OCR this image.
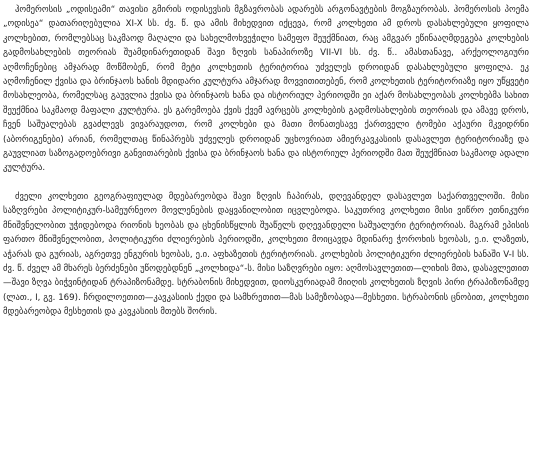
ჰომეროსის „ოდისეამი“ თავისი გმირის ოდისევსის მგზავრობას ადარებს არგონავტების მოგზაურობას. ჰომეროსის პოემა „ოდისეა“ დათარიღებულია XI-X სს. ძვ. წ. და ამის მიხედვით იქცევა, რომ კოლხეთი ამ დროს დასახლებული ყოფილა კოლხებით, რომლებსაც საკმაოდ მაღალი და სახელმოხვეჭილი სამეფო შეუქმნიათ, რაც ამგვარ ეწინააღმდეგება კოლხების გადმოსახლების თეორიას შუამდინარეთიდან შავი ზღვის სანაპიროზე VII-VI სს. ძვ. წ.. ამასთანავე, არქეოლოგიური აღმოჩენებიც ამჯარად მოწმობენ, რომ მეტი კოლხეთის ტერიტორია უძველეს დროიდან დასახლებული ყოფილა. ეკ აღმოჩენილ ქვისა და ბრინჯაოს ხანის მდიდარი კულტურა ამჯარად მოვვითითებენ, რომ კოლხეთის ტერიტორიაზე იყო უწყვეტი მოსახლეობა, რომელსაც გაუვლია ქვისა და ბრინჯაოს ხანა და ისტორიულ პერიოდში ეი აქარ მოსახლეობას კოლხებმა სახით შეუქმნია საკმაოდ მაფალი კულტურა. ეს გარემოება ქვის ქვემ ავრცებს კოლხების გადმოსახლების თეორიას და ამავე დროს, ჩვენ საშუალებას გვაძლევს ვივარაუდოთ, რომ კოლხები და მათი მონათესავე ქართველი ტომები აქაური მკვიდრნი (აბორიგენები) არიან, რომელთაც წინაპრებს უძველეს დროიდან უცხოვრიათ ამიერკავკასიის დასავლეთ ტერიტორიაზე და გაუვლიათ საზოგადოებრივი განვითარების ქვისა და ბრინჯაოს ხანა და ისტორიულ პერიოდში მათ შეუქმნიათ საკმაოდ ადალი კულტურა.

ძველი კოლხეთი გეოგრაფიულად მდებარეობდა შავი ზღვის ჩაპირას, დღევანდელ დასავლეთ საქართველოში. მისი საზღვრები პოლიტიკურ-სამეურნეოო მოვლენების დაყვანილობით იცვლებოდა. საკუთრივ კოლხეთი მისი ვიწრო ეთნიკური მნიშვნელობით უჭიდებოდა რიონის ხეობას და ცხენისწყლის შუაწელს დღევანდელი საშუალური ტერიტორიას. მაგრამ ეპისის ფართო მნიშვნელობით, პოლიტიკური ძლიერების პერიოდში, კოლხეთი მოიცავდა მდინარე ჭოროხის ხეობას, ე.ი. ლაზეთს, აჭარას და გურიას, აგრეთვე ენგურის ხეობას, ე.ი. აფხაზეთის ტერიტორიას. კოლხების პოლიტიკური ძლიერების ხანაში V-I სს. ძვ. წ. ძველ ამ მხარეს ბერძენები უწოდებდნენ „კოლხიდა“-ს. მისი საზღვრები იყო: აღმოსავლეთით—ლიხის მთა, დასავლეთით—შავი ზღვა ბიჭვინტიდან ტრაპიზონამდე. სტრაბონის მიხედვით, დიოსკურიადამ მიიღის კოლხეთის ზღვის პირი ტრაპიზონამდე (ლათ., I, გვ. 169). ჩრდილოეთით—კავკასიის ქედი და სამხრეთით—მას სამეზობადა—მესხეთი. სტრაბონის ცნობით, კოლხეთი მდებარეობდა მესხეთის და კავკასიის მთებს შორის.
